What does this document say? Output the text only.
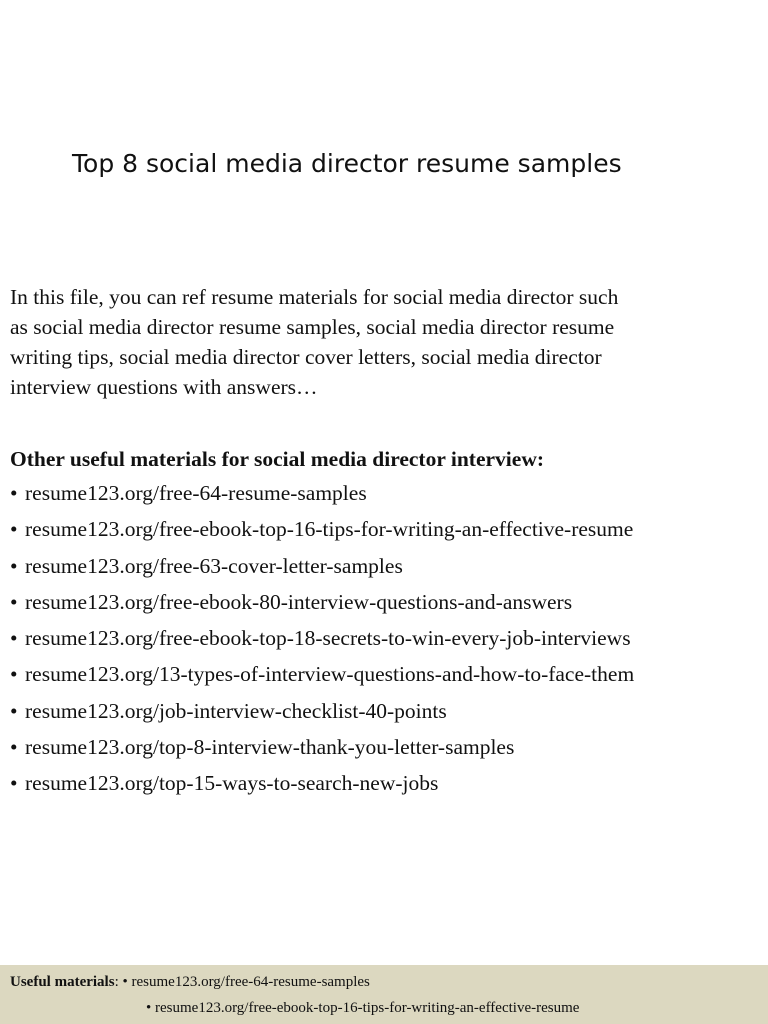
Top 8 social media director resume samples

In this file, you can ref resume materials for social media director such
as social media director resume samples, social media director resume
writing tips, social media director cover letters, social media director
interview questions with answers…

Other useful materials for social media director interview:
• resume123.org/free-64-resume-samples
• resume123.org/free-ebook-top-16-tips-for-writing-an-effective-resume
• resume123.org/free-63-cover-letter-samples
• resume123.org/free-ebook-80-interview-questions-and-answers
• resume123.org/free-ebook-top-18-secrets-to-win-every-job-interviews
• resume123.org/13-types-of-interview-questions-and-how-to-face-them
• resume123.org/job-interview-checklist-40-points
• resume123.org/top-8-interview-thank-you-letter-samples
• resume123.org/top-15-ways-to-search-new-jobs
Useful materials: • resume123.org/free-64-resume-samples
• resume123.org/free-ebook-top-16-tips-for-writing-an-effective-resume
